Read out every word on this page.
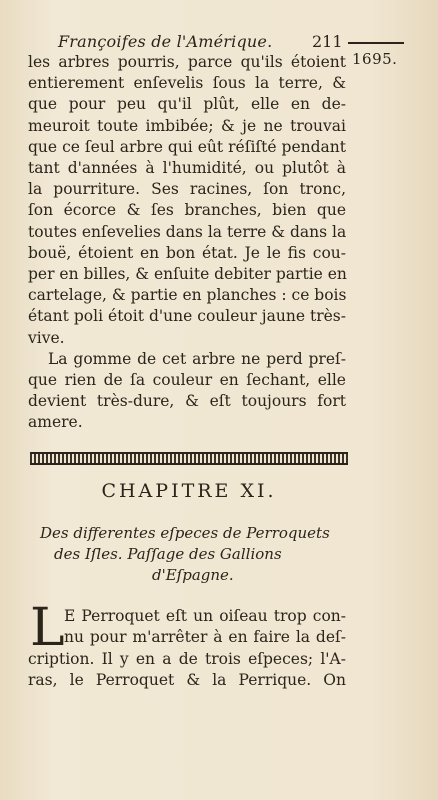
Françoifes de l'Amérique. 211
1695.
les arbres pourris, parce qu'ils étoient
entierement enſevelis ſous la terre, &
que pour peu qu'il plût, elle en de-
meuroit toute imbibée; & je ne trouvai
que ce ſeul arbre qui eût réſiſté pendant
tant d'années à l'humidité, ou plutôt à
la pourriture. Ses racines, ſon tronc,
ſon écorce & ſes branches, bien que
toutes enſevelies dans la terre & dans la
bouë, étoient en bon état. Je le fis cou-
per en billes, & enſuite debiter partie en
cartelage, & partie en planches : ce bois
étant poli étoit d'une couleur jaune très-
vive.
La gomme de cet arbre ne perd preſ-
que rien de ſa couleur en ſechant, elle
devient très-dure, & eſt toujours fort
amere.
CHAPITRE XI.
Des differentes eſpeces de Perroquets
des Iſles. Paſſage des Gallions
d'Eſpagne.
L E Perroquet eſt un oiſeau trop con-
nu pour m'arrêter à en faire la deſ-
cription. Il y en a de trois eſpeces; l'A-
ras, le Perroquet & la Perrique. On
